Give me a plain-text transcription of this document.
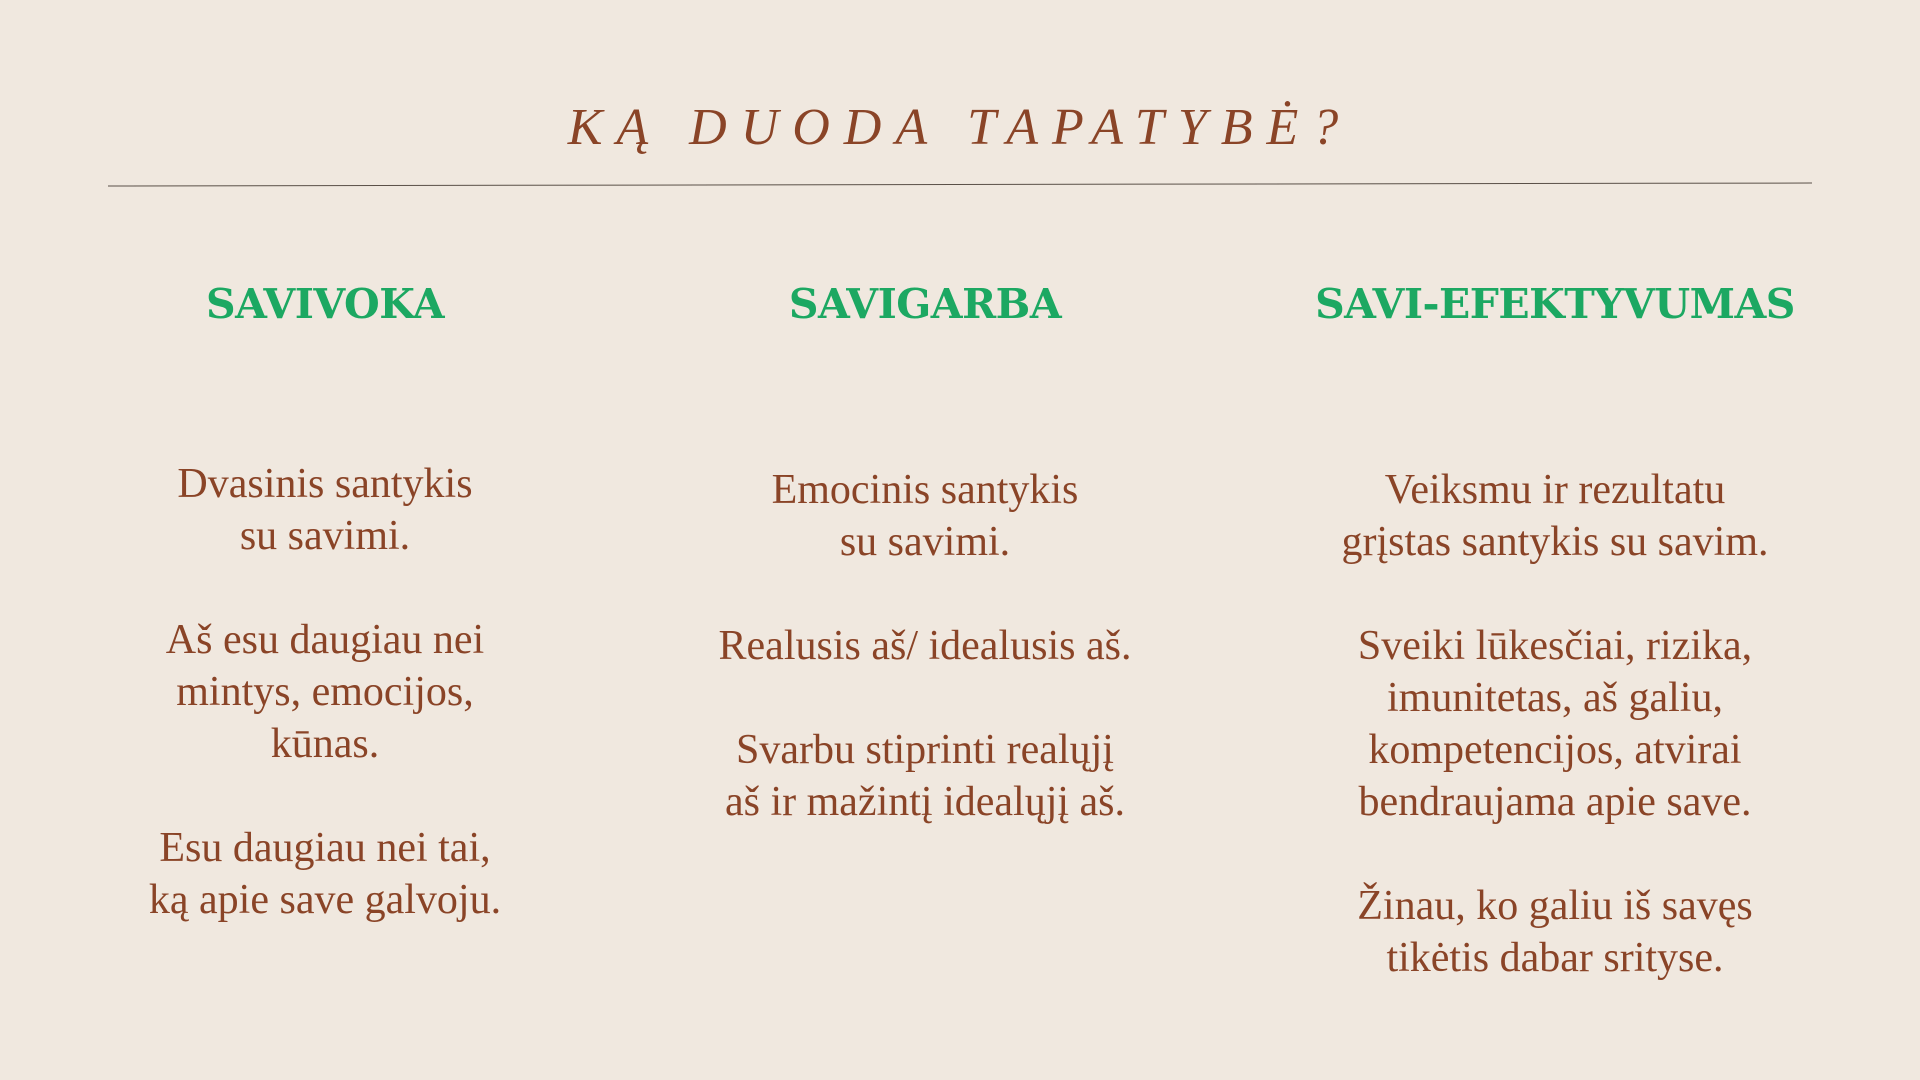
KĄ DUODA TAPATYBĖ?
SAVIVOKA

Dvasinis santykis
su savimi.

Aš esu daugiau nei
mintys, emocijos,
kūnas.

Esu daugiau nei tai,
ką apie save galvoju.

SAVIGARBA

Emocinis santykis
su savimi.

Realusis aš/ idealusis aš.

Svarbu stiprinti realųjį
aš ir mažintį idealųjį aš.

SAVI-EFEKTYVUMAS

Veiksmu ir rezultatu
grįstas santykis su savim.

Sveiki lūkesčiai, rizika,
imunitetas, aš galiu,
kompetencijos, atvirai
bendraujama apie save.

Žinau, ko galiu iš savęs
tikėtis dabar srityse.
